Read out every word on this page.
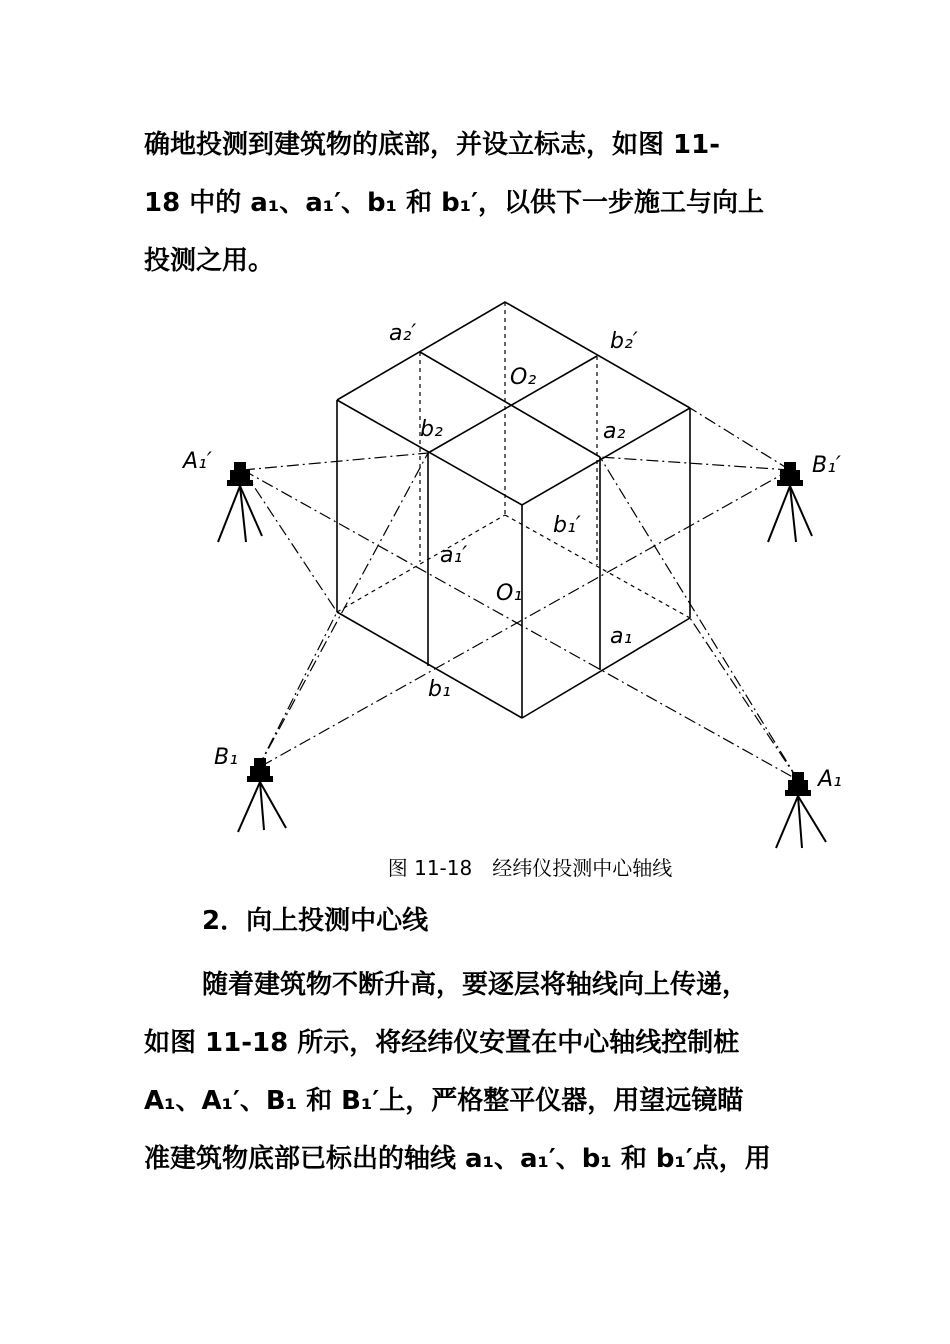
确地投测到建筑物的底部，并设立标志，如图 11-
18 中的 a₁、a₁′、b₁ 和 b₁′，以供下一步施工与向上
投测之用。
a₂′	b₂′
O₂
b₂	a₂
A₁′	B₁′
b₁′
a₁′
O₁
a₁
b₁
B₁
A₁
图 11-18　经纬仪投测中心轴线
2．向上投测中心线
随着建筑物不断升高，要逐层将轴线向上传递，
如图 11-18 所示，将经纬仪安置在中心轴线控制桩
A₁、A₁′、B₁ 和 B₁′上，严格整平仪器，用望远镜瞄
准建筑物底部已标出的轴线 a₁、a₁′、b₁ 和 b₁′点，用
